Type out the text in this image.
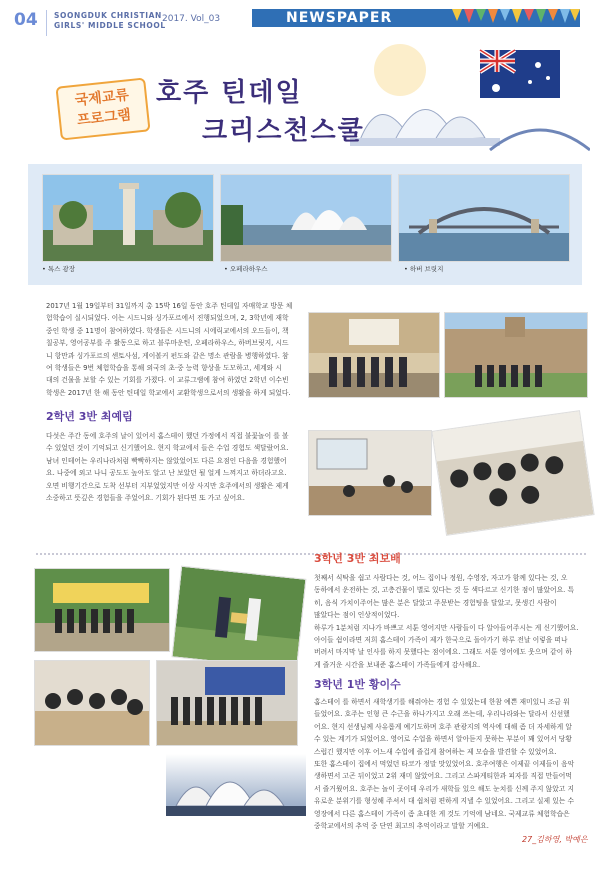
04	SOONGDUK CHRISTIAN
GIRLS' MIDDLE SCHOOL
2017. Vol_03	NEWSPAPER
국제교류
프로그램
호주 틴데일
크리스천스쿨
• 톡스 광장	• 오페라하우스	• 하버 브릿지
2017년 1월 19일부터 31일까지 총 15박 16일 동안 호주 틴데일 자매학교 방문 체
험학습이 실시되었다. 이는 시드니와 싱가포르에서 진행되었으며, 2, 3학년에 재학
중인 학생 중 11명이 참여하였다. 학생들은 시드니의 시에릭교에서의 오드들이, 책
칠공부, 영어공부를 주 활동으로 하고 블루마운틴, 오페라하우스, 하버브릿지, 시드
니 항만과 싱가포르의 센토사섬, 게이볼커 펀도와 같은 명소 관람을 병행하였다. 참
여 학생들은 9번 체험학습을 통해 외국의 초·중 능력 향상을 도모하고, 세계와 시
대의 건물을 보할 수 있는 기회를 가졌다. 이 교류그램에 참여 하였던 2학년 이수빈
학생은 2017년 한 해 동안 틴데일 학교에서 교환학생으로서의 생활을 하게 되었다.
2학년 3반 최예림
다섯은 주간 동에 호주의 날이 있어서 홈스테이 했던 가정에서 직접 불꽃놀이 를 볼
수 있었던 것이 기억되고 신기했어요. 현지 학교에서 들은 수업 경험도 색달랐어요.
남녀 인테어는 우리나라처럼 빡빡하지는 않았었어도 다른 요점인 다음을 경험했어
요. 나중에 외고 나니 공도도 높아도 알고 난 보았던 될 얼게 느껴지고 하더라고요.
오면 비행기간으로 도착 선부터 지부었었지만 이상 사지만 호주에서의 생활은 제게
소중하고 뜻깊은 경험들을 주었어요. 기회가 된다면 또 가고 싶어요.
3학년 3반 최보배
첫째서 식탁을 쉽고 사람다는 것, 어느 집이나 정원, 수영장, 자고가 함께 있다는 것, 오
동하에서 운전하는 것, 고층건물이 별로 있다는 것 등 색다르고 신기한 점이 많았어요. 특
히, 음식 가치이주어는 많은 분은 달았고 주문받는 경험팅을 달았고, 못생긴 사람이
많았다는 점이 인상적이었다.
하루가 1분처럼 지나가 바쁘고 서툰 영어지만 사람들이 다 알아들어주시는 게 신기했어요.
아이들 쉼이라면 저희 홈스테이 가족이 제가 한국으로 돌아가기 하루 전날 이렇을 떠나
버려서 마지막 날 인사를 하지 못했다는 점이에요. 그래도 서툰 영어에도 웃으며 같이 하
게 즐거운 시간을 보내준 홈스테이 가족들에게 감사해요.
3학년 1반 황이수
홈스테이 를 하면서 새학생기를 해줘야는 경험 수 있었는데 한참 예쁜 재미있니 조금 워
들었어요. 호주는 인형 큰 수근을 하나가지고 오래 쓰는데, 우리나라와는 달라서 신선했
어요. 현지 선생님께 사유롭게 예기도하며 호주 관광지의 역사에 대해 좀 더 자세하게 알
수 있는 계기가 되었어요. 영어로 수업을 하면서 알아듣지 못하는 부분이 꽤 있어서 당황
스럽긴 했지만 이후 어느새 수업에 즐겁게 참여하는 제 모습을 발견할 수 있었어요.
또한 홈스테이 집에서 먹었던 타코가 정말 맛있었어요. 호주여행은 이제끝 이제들이 음악
생하면서 고곤 뒤이었고 2위 재미 않았어요. 그리고 스파게티한과 피자를 직접 만들어먹
서 즐거웠어요. 호주는 놀이 곳이데 우리가 새학들 있으 해도 눈치를 신께 주지 않았고 지
유로운 분위기를 형성해 주셔서 대 쉽처럼 편하게 지낼 수 있었어요. 그리고 실제 있는 수
영장에서 다른 홈스테이 가족이 좀 초대한 게 것도 기억에 남네요. 국제교류 체험학습은
중학교에서의 추억 중 단연 최고의 추억이라고 말할 거예요.
27_김하영, 박예은
